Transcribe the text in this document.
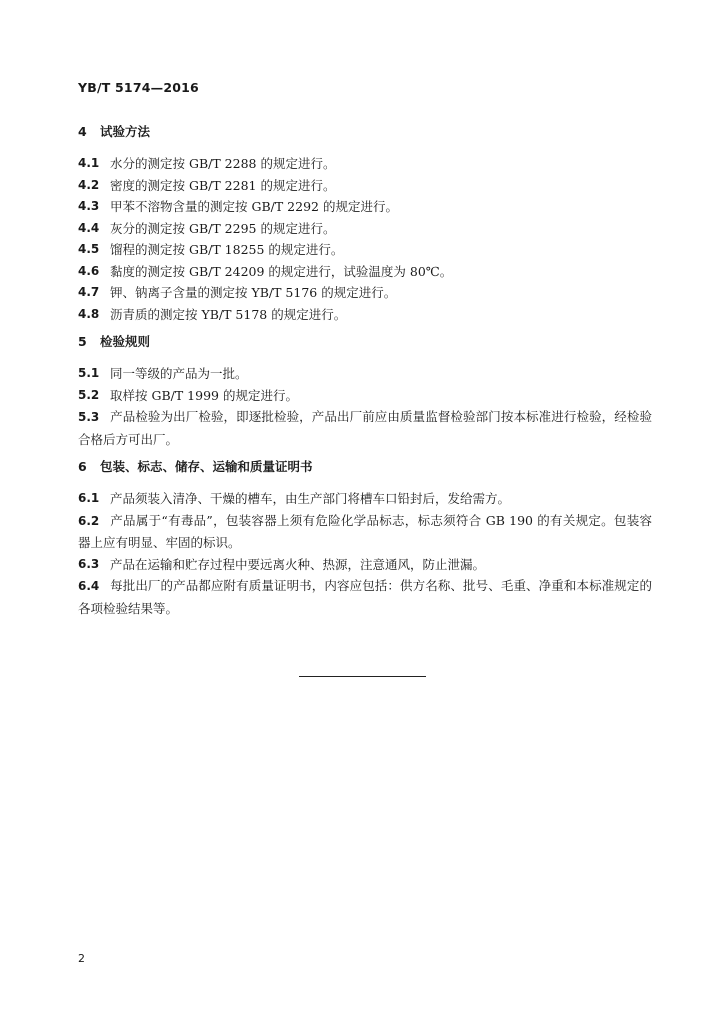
YB/T 5174—2016
4	试验方法
4.1 水分的测定按 GB/T 2288 的规定进行。
4.2 密度的测定按 GB/T 2281 的规定进行。
4.3 甲苯不溶物含量的测定按 GB/T 2292 的规定进行。
4.4 灰分的测定按 GB/T 2295 的规定进行。
4.5 馏程的测定按 GB/T 18255 的规定进行。
4.6 黏度的测定按 GB/T 24209 的规定进行，试验温度为 80℃。
4.7 钾、钠离子含量的测定按 YB/T 5176 的规定进行。
4.8 沥青质的测定按 YB/T 5178 的规定进行。
5	检验规则
5.1 同一等级的产品为一批。
5.2 取样按 GB/T 1999 的规定进行。
5.3 产品检验为出厂检验，即逐批检验，产品出厂前应由质量监督检验部门按本标准进行检验，经检验合格后方可出厂。
6	包装、标志、储存、运输和质量证明书
6.1 产品须装入清净、干燥的槽车，由生产部门将槽车口铅封后，发给需方。
6.2 产品属于“有毒品”，包装容器上须有危险化学品标志，标志须符合 GB 190 的有关规定。包装容器上应有明显、牢固的标识。
6.3 产品在运输和贮存过程中要远离火种、热源，注意通风，防止泄漏。
6.4 每批出厂的产品都应附有质量证明书，内容应包括：供方名称、批号、毛重、净重和本标准规定的各项检验结果等。
2
